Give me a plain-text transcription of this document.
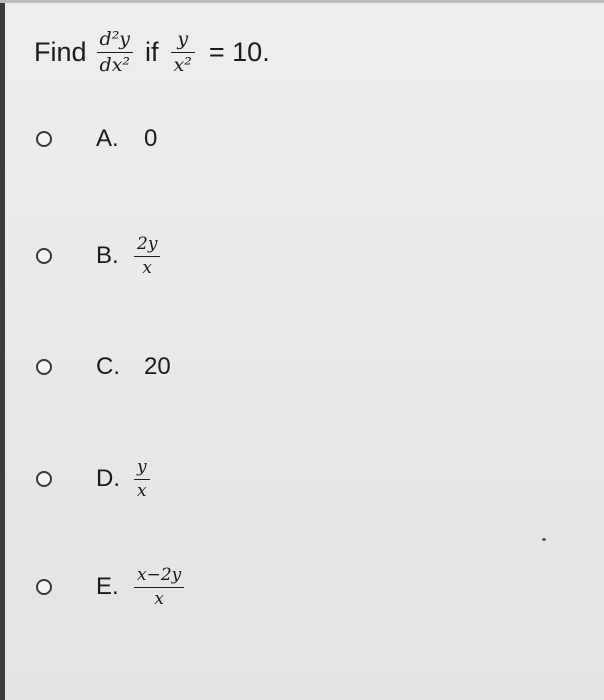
Find $\frac{\text{d²y}}{\text{dx²}}$ if $\frac{y}{\text{x²}} = 10$.
A.	0
B. $\frac{2y}{x}$
C.	20
D. $\frac{y}{x}$
E. $\frac{x-2y}{x}$
